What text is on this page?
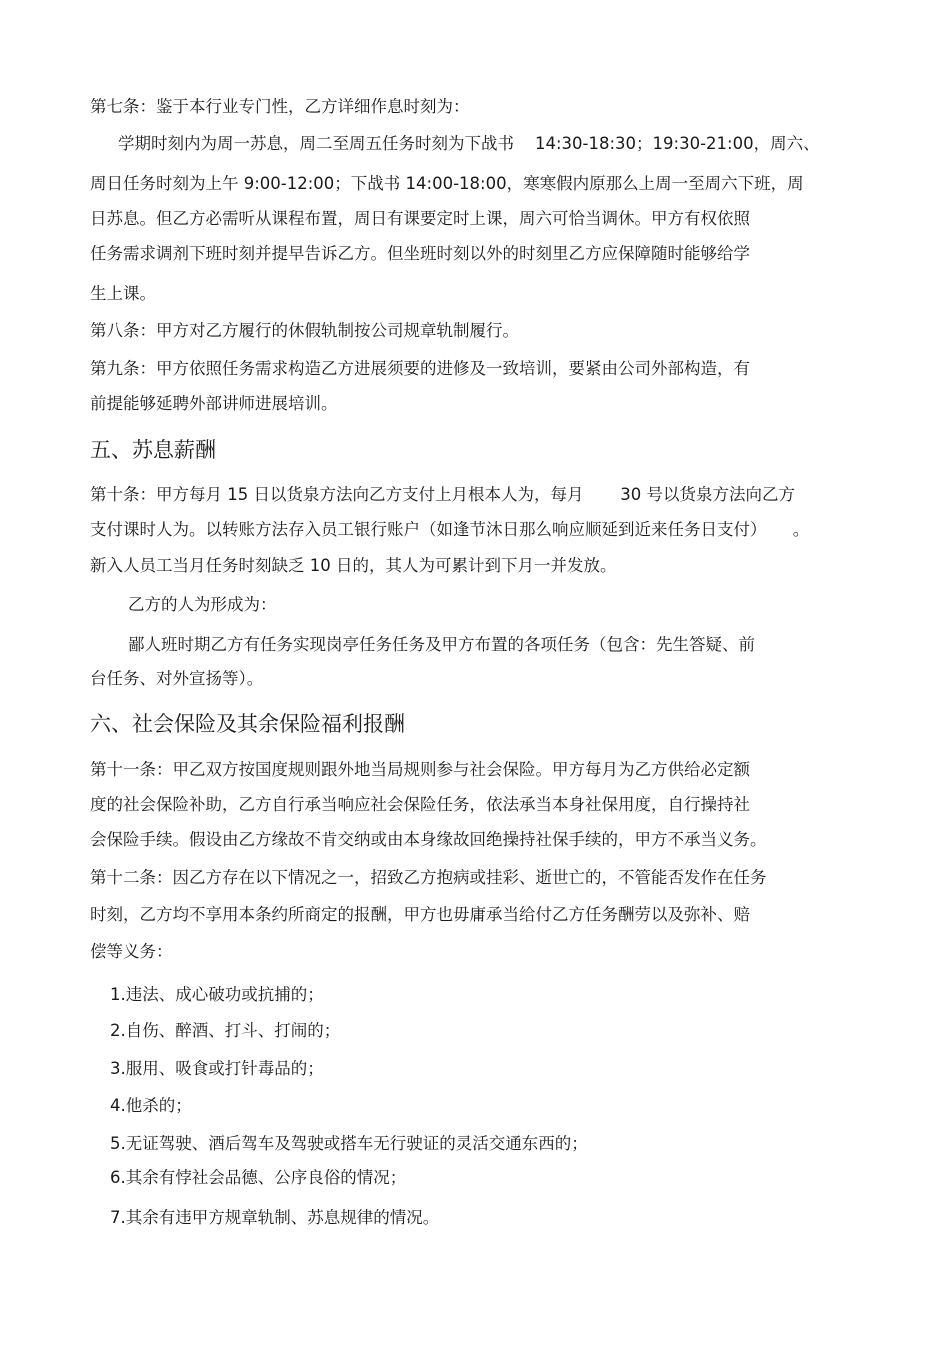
第七条：鉴于本行业专门性，乙方详细作息时刻为：

学期时刻内为周一苏息，周二至周五任务时刻为下战书    14:30-18:30；19:30-21:00，周六、

周日任务时刻为上午 9:00-12:00；下战书 14:00-18:00，寒寒假内原那么上周一至周六下班，周

日苏息。但乙方必需听从课程布置，周日有课要定时上课，周六可恰当调休。甲方有权依照

任务需求调剂下班时刻并提早告诉乙方。但坐班时刻以外的时刻里乙方应保障随时能够给学

生上课。

第八条：甲方对乙方履行的休假轨制按公司规章轨制履行。

第九条：甲方依照任务需求构造乙方进展须要的进修及一致培训，要紧由公司外部构造，有

前提能够延聘外部讲师进展培训。

五、苏息薪酬

第十条：甲方每月 15 日以货泉方法向乙方支付上月根本人为，每月       30 号以货泉方法向乙方

支付课时人为。以转账方法存入员工银行账户（如逢节沐日那么响应顺延到近来任务日支付）     。

新入人员工当月任务时刻缺乏 10 日的，其人为可累计到下月一并发放。

乙方的人为形成为：

鄙人班时期乙方有任务实现岗亭任务任务及甲方布置的各项任务（包含：先生答疑、前

台任务、对外宣扬等）。

六、社会保险及其余保险福利报酬

第十一条：甲乙双方按国度规则跟外地当局规则参与社会保险。甲方每月为乙方供给必定额

度的社会保险补助，乙方自行承当响应社会保险任务，依法承当本身社保用度，自行操持社

会保险手续。假设由乙方缘故不肯交纳或由本身缘故回绝操持社保手续的，甲方不承当义务。

第十二条：因乙方存在以下情况之一，招致乙方抱病或挂彩、逝世亡的，不管能否发作在任务

时刻，乙方均不享用本条约所商定的报酬，甲方也毋庸承当给付乙方任务酬劳以及弥补、赔

偿等义务：

1.违法、成心破功或抗捕的；

2.自伤、醉酒、打斗、打闹的；

3.服用、吸食或打针毒品的；

4.他杀的；

5.无证驾驶、酒后驾车及驾驶或搭车无行驶证的灵活交通东西的；

6.其余有悖社会品德、公序良俗的情况；

7.其余有违甲方规章轨制、苏息规律的情况。
